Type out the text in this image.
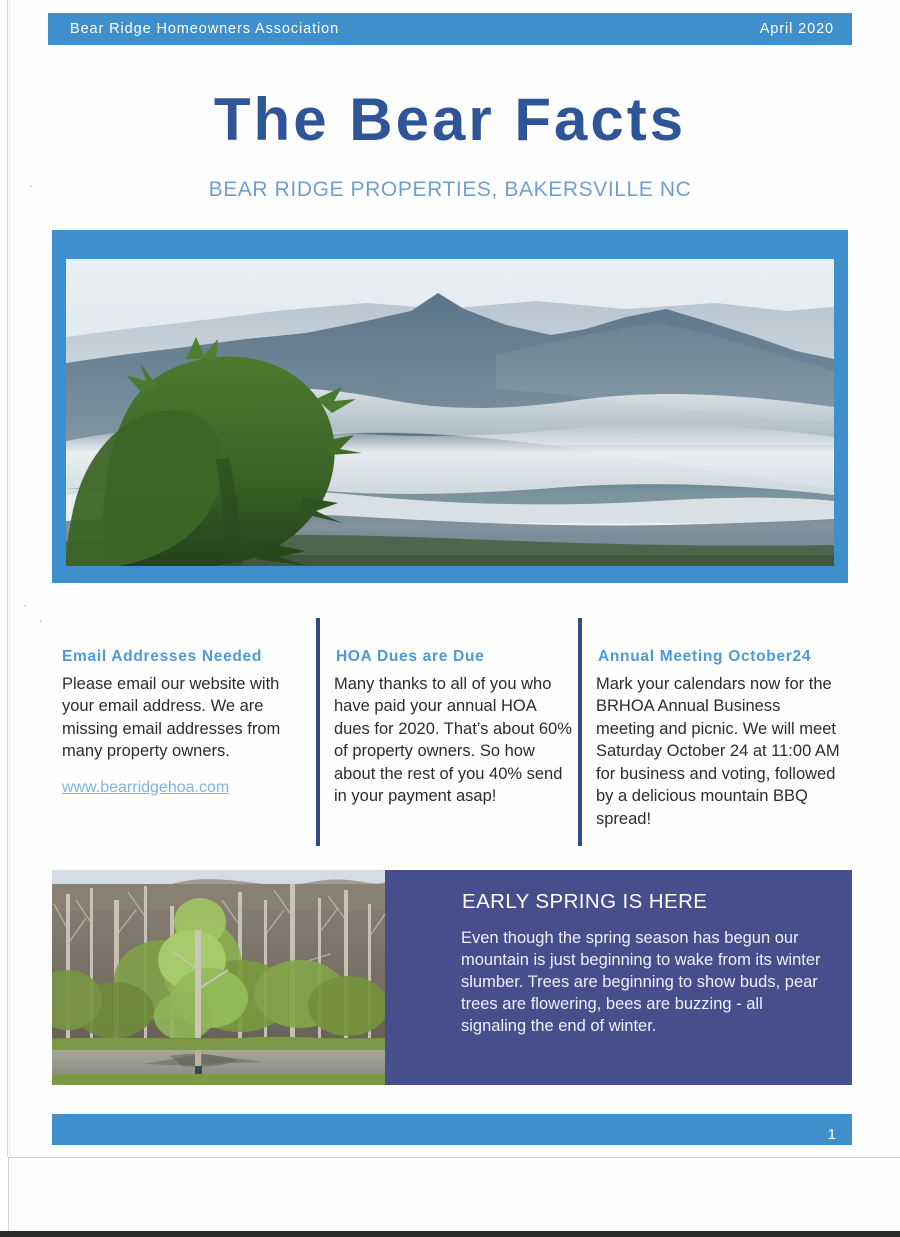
Bear Ridge Homeowners Association	April 2020
The Bear Facts
BEAR RIDGE PROPERTIES, BAKERSVILLE NC

Email Addresses Needed

Please email our website with your email address. We are missing email addresses from many property owners.

www.bearridgehoa.com

HOA Dues are Due

Many thanks to all of you who have paid your annual HOA dues for 2020. That’s about 60% of property owners. So how about the rest of you 40% send in your payment asap!

Annual Meeting October24

Mark your calendars now for the BRHOA Annual Business meeting and picnic. We will meet Saturday October 24 at 11:00 AM for business and voting, followed by a delicious mountain BBQ spread!

EARLY SPRING IS HERE

Even though the spring season has begun our mountain is just beginning to wake from its winter slumber. Trees are beginning to show buds, pear trees are flowering, bees are buzzing - all signaling the end of winter.

1
